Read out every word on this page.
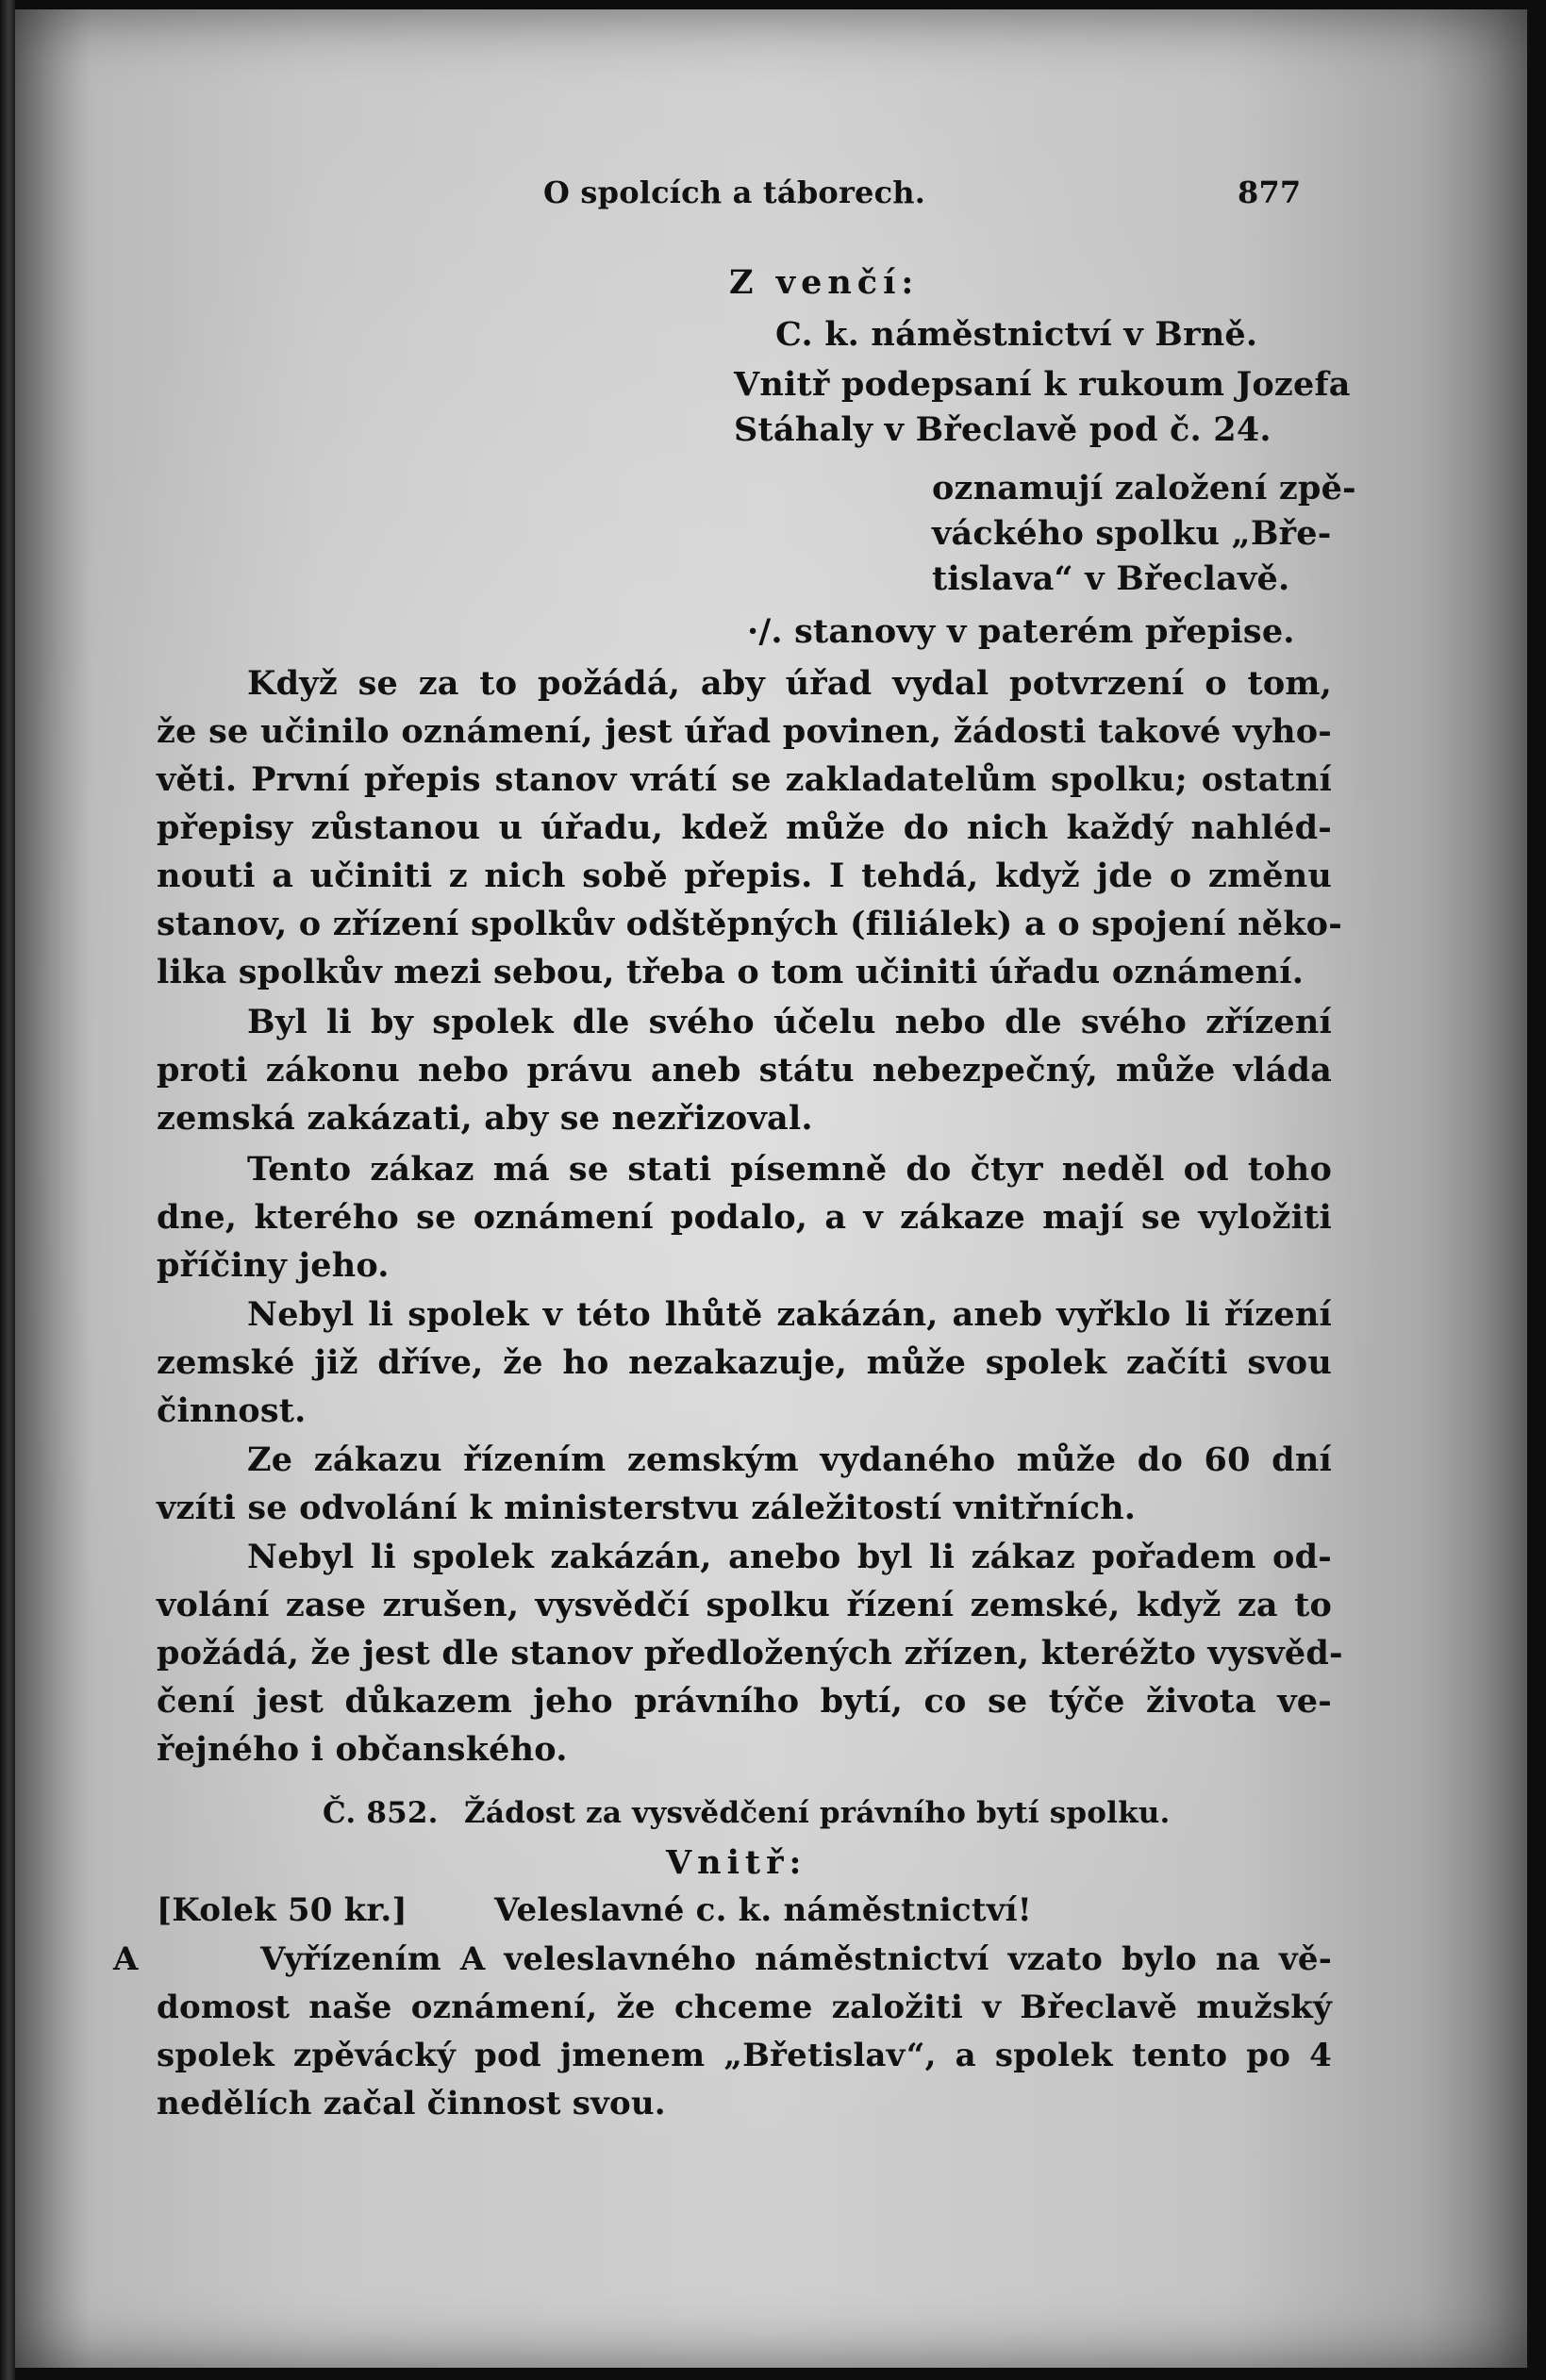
O spolcích a táborech.	877
Z venčí:
C. k. náměstnictví v Brně.
Vnitř podepsaní k rukoum Jozefa
Stáhaly v Břeclavě pod č. 24.
oznamují založení zpě-
váckého spolku „Bře-
tislava“ v Břeclavě.
·/. stanovy v paterém přepise.
Když se za to požádá, aby úřad vydal potvrzení o tom,
že se učinilo oznámení, jest úřad povinen, žádosti takové vyho-
věti. První přepis stanov vrátí se zakladatelům spolku; ostatní
přepisy zůstanou u úřadu, kdež může do nich každý nahléd-
nouti a učiniti z nich sobě přepis. I tehdá, když jde o změnu
stanov, o zřízení spolkův odštěpných (filiálek) a o spojení něko-
lika spolkův mezi sebou, třeba o tom učiniti úřadu oznámení.
Byl li by spolek dle svého účelu nebo dle svého zřízení
proti zákonu nebo právu aneb státu nebezpečný, může vláda
zemská zakázati, aby se nezřizoval.
Tento zákaz má se stati písemně do čtyr neděl od toho
dne, kterého se oznámení podalo, a v zákaze mají se vyložiti
příčiny jeho.
Nebyl li spolek v této lhůtě zakázán, aneb vyřklo li řízení
zemské již dříve, že ho nezakazuje, může spolek začíti svou
činnost.
Ze zákazu řízením zemským vydaného může do 60 dní
vzíti se odvolání k ministerstvu záležitostí vnitřních.
Nebyl li spolek zakázán, anebo byl li zákaz pořadem od-
volání zase zrušen, vysvědčí spolku řízení zemské, když za to
požádá, že jest dle stanov předložených zřízen, kteréžto vysvěd-
čení jest důkazem jeho právního bytí, co se týče života ve-
řejného i občanského.
Č. 852. Žádost za vysvědčení právního bytí spolku.
Vnitř:
[Kolek 50 kr.]	Veleslavné c. k. náměstnictví!
A	Vyřízením A veleslavného náměstnictví vzato bylo na vě-
domost naše oznámení, že chceme založiti v Břeclavě mužský
spolek zpěvácký pod jmenem „Břetislav“, a spolek tento po 4
nedělích začal činnost svou.
